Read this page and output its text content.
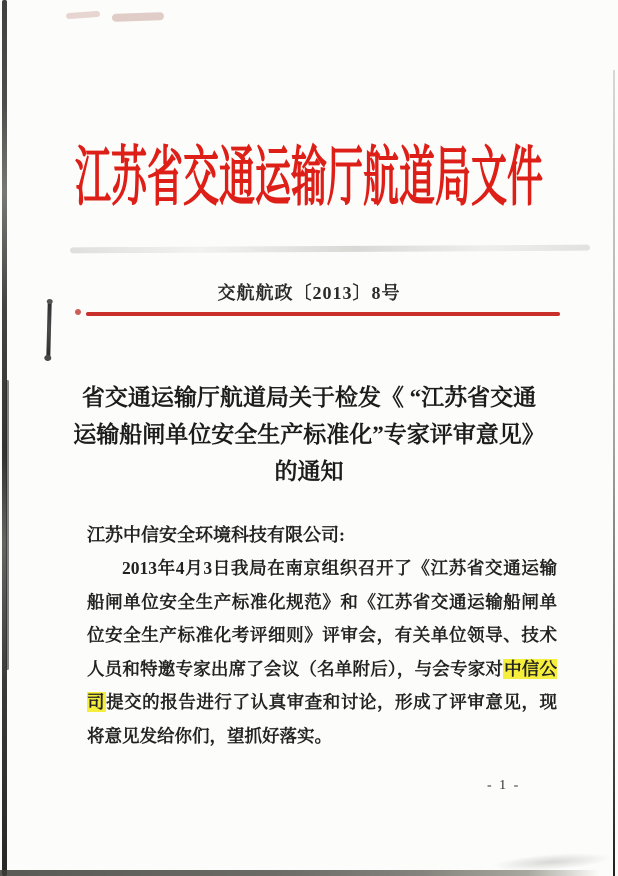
江苏省交通运输厅航道局文件
交航航政〔2013〕8号
省交通运输厅航道局关于检发《 “江苏省交通
运输船闸单位安全生产标准化”专家评审意见》
的通知
江苏中信安全环境科技有限公司:

2013年4月3日我局在南京组织召开了《江苏省交通运输船闸单位安全生产标准化规范》和《江苏省交通运输船闸单位安全生产标准化考评细则》评审会，有关单位领导、技术人员和特邀专家出席了会议（名单附后），与会专家对中信公司提交的报告进行了认真审查和讨论，形成了评审意见，现将意见发给你们，望抓好落实。

- 1 -
